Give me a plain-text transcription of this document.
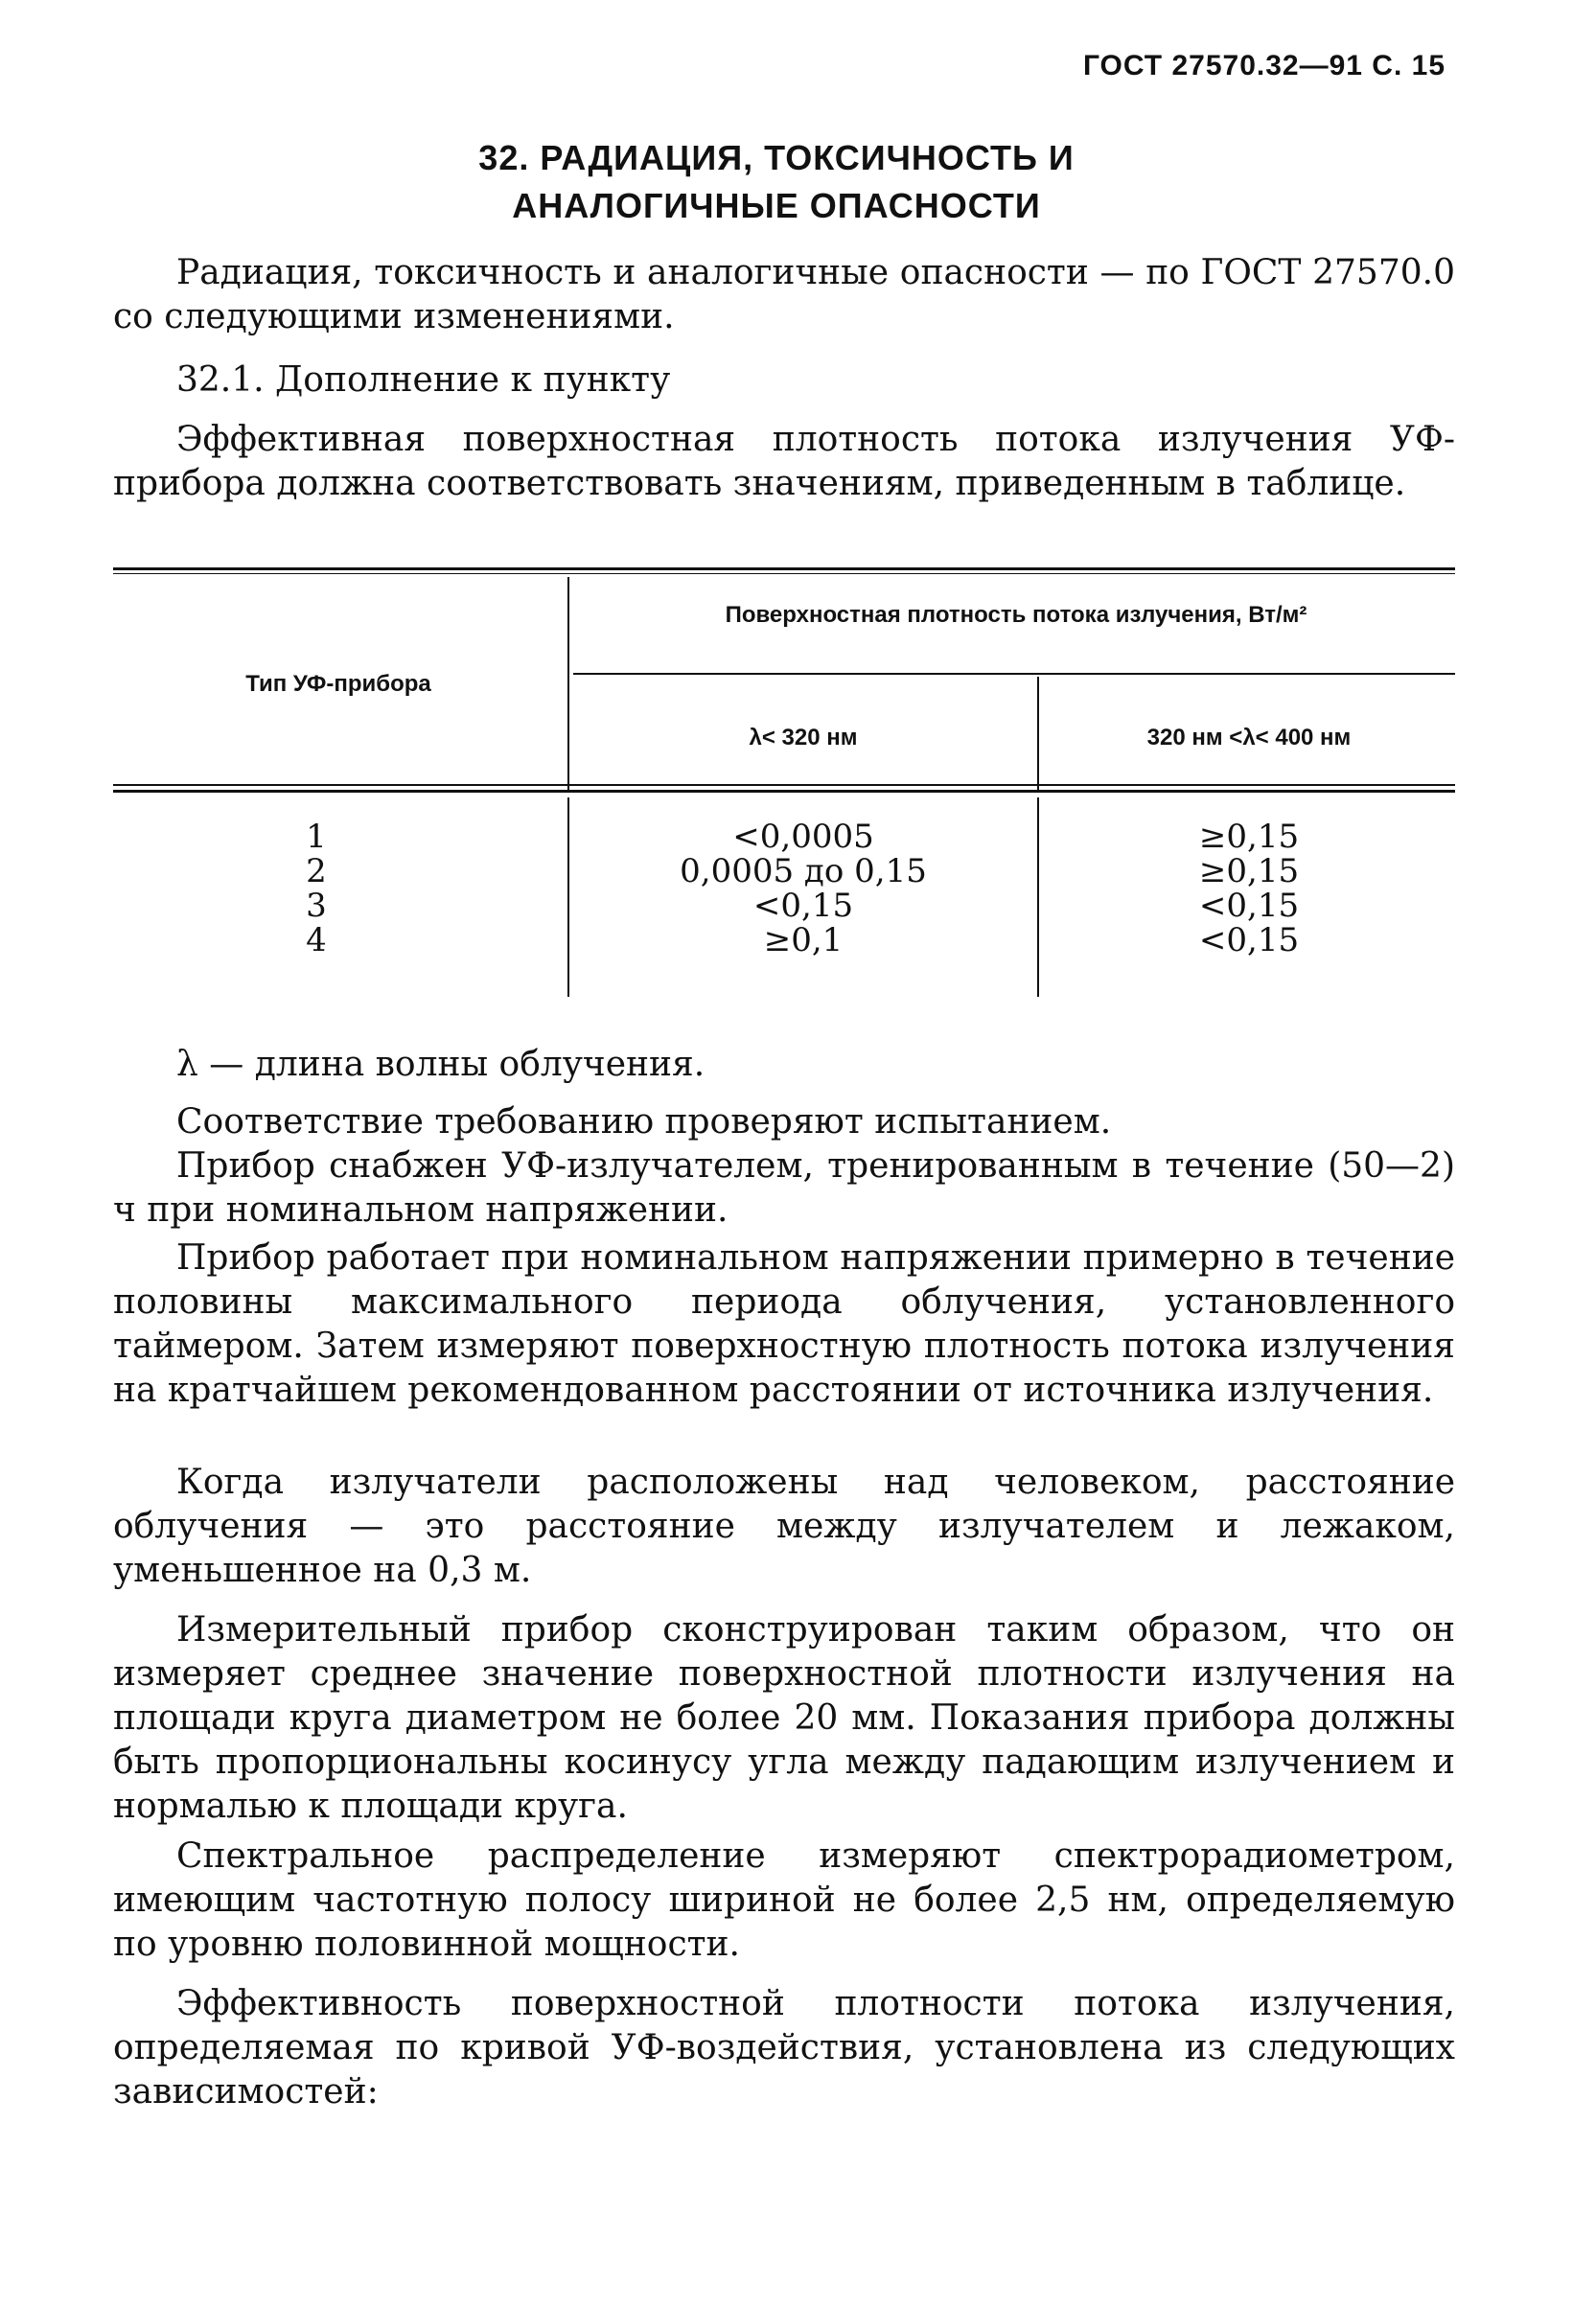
ГОСТ 27570.32—91 С. 15
32. РАДИАЦИЯ, ТОКСИЧНОСТЬ И
АНАЛОГИЧНЫЕ ОПАСНОСТИ
Радиация, токсичность и аналогичные опасности — по ГОСТ 27570.0 со следующими изменениями.
32.1. Дополнение к пункту
Эффективная поверхностная плотность потока излучения УФ-прибора должна соответствовать значениям, приведенным в таблице.
Тип УФ-прибора
Поверхностная плотность потока излучения, Вт/м²
λ< 320 нм	320 нм <λ< 400 нм
1
2
3
4
<0,0005
0,0005 до 0,15
<0,15
≥0,1
≥0,15
≥0,15
<0,15
<0,15
λ — длина волны облучения.
Соответствие требованию проверяют испытанием.
Прибор снабжен УФ-излучателем, тренированным в течение (50—2) ч при номинальном напряжении.
Прибор работает при номинальном напряжении примерно в течение половины максимального периода облучения, установленного таймером. Затем измеряют поверхностную плотность потока излучения на кратчайшем рекомендованном расстоянии от источника излучения.
Когда излучатели расположены над человеком, расстояние облучения — это расстояние между излучателем и лежаком, уменьшенное на 0,3 м.
Измерительный прибор сконструирован таким образом, что он измеряет среднее значение поверхностной плотности излучения на площади круга диаметром не более 20 мм. Показания прибора должны быть пропорциональны косинусу угла между падающим излучением и нормалью к площади круга.
Спектральное распределение измеряют спектрорадиометром, имеющим частотную полосу шириной не более 2,5 нм, определяемую по уровню половинной мощности.
Эффективность поверхностной плотности потока излучения, определяемая по кривой УФ-воздействия, установлена из следующих зависимостей:
